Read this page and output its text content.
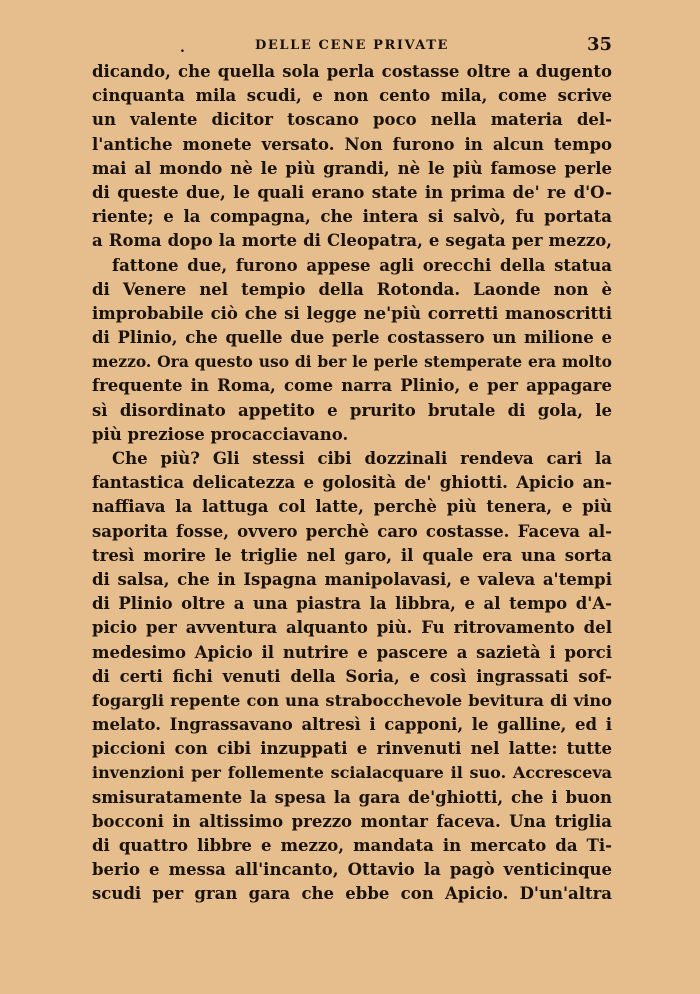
.	DELLE CENE PRIVATE	35
dicando, che quella sola perla costasse oltre a dugento
cinquanta mila scudi, e non cento mila, come scrive
un valente dicitor toscano poco nella materia del-
l'antiche monete versato. Non furono in alcun tempo
mai al mondo nè le più grandi, nè le più famose perle
di queste due, le quali erano state in prima de' re d'O-
riente; e la compagna, che intera si salvò, fu portata
a Roma dopo la morte di Cleopatra, e segata per mezzo,
fattone due, furono appese agli orecchi della statua
di Venere nel tempio della Rotonda. Laonde non è
improbabile ciò che si legge ne'più corretti manoscritti
di Plinio, che quelle due perle costassero un milione e
mezzo. Ora questo uso di ber le perle stemperate era molto
frequente in Roma, come narra Plinio, e per appagare
sì disordinato appetito e prurito brutale di gola, le
più preziose procacciavano.
Che più? Gli stessi cibi dozzinali rendeva cari la
fantastica delicatezza e golosità de' ghiotti. Apicio an-
naffiava la lattuga col latte, perchè più tenera, e più
saporita fosse, ovvero perchè caro costasse. Faceva al-
tresì morire le triglie nel garo, il quale era una sorta
di salsa, che in Ispagna manipolavasi, e valeva a'tempi
di Plinio oltre a una piastra la libbra, e al tempo d'A-
picio per avventura alquanto più. Fu ritrovamento del
medesimo Apicio il nutrire e pascere a sazietà i porci
di certi fichi venuti della Soria, e così ingrassati sof-
fogargli repente con una strabocchevole bevitura di vino
melato. Ingrassavano altresì i capponi, le galline, ed i
piccioni con cibi inzuppati e rinvenuti nel latte: tutte
invenzioni per follemente scialacquare il suo. Accresceva
smisuratamente la spesa la gara de'ghiotti, che i buon
bocconi in altissimo prezzo montar faceva. Una triglia
di quattro libbre e mezzo, mandata in mercato da Ti-
berio e messa all'incanto, Ottavio la pagò venticinque
scudi per gran gara che ebbe con Apicio. D'un'altra
